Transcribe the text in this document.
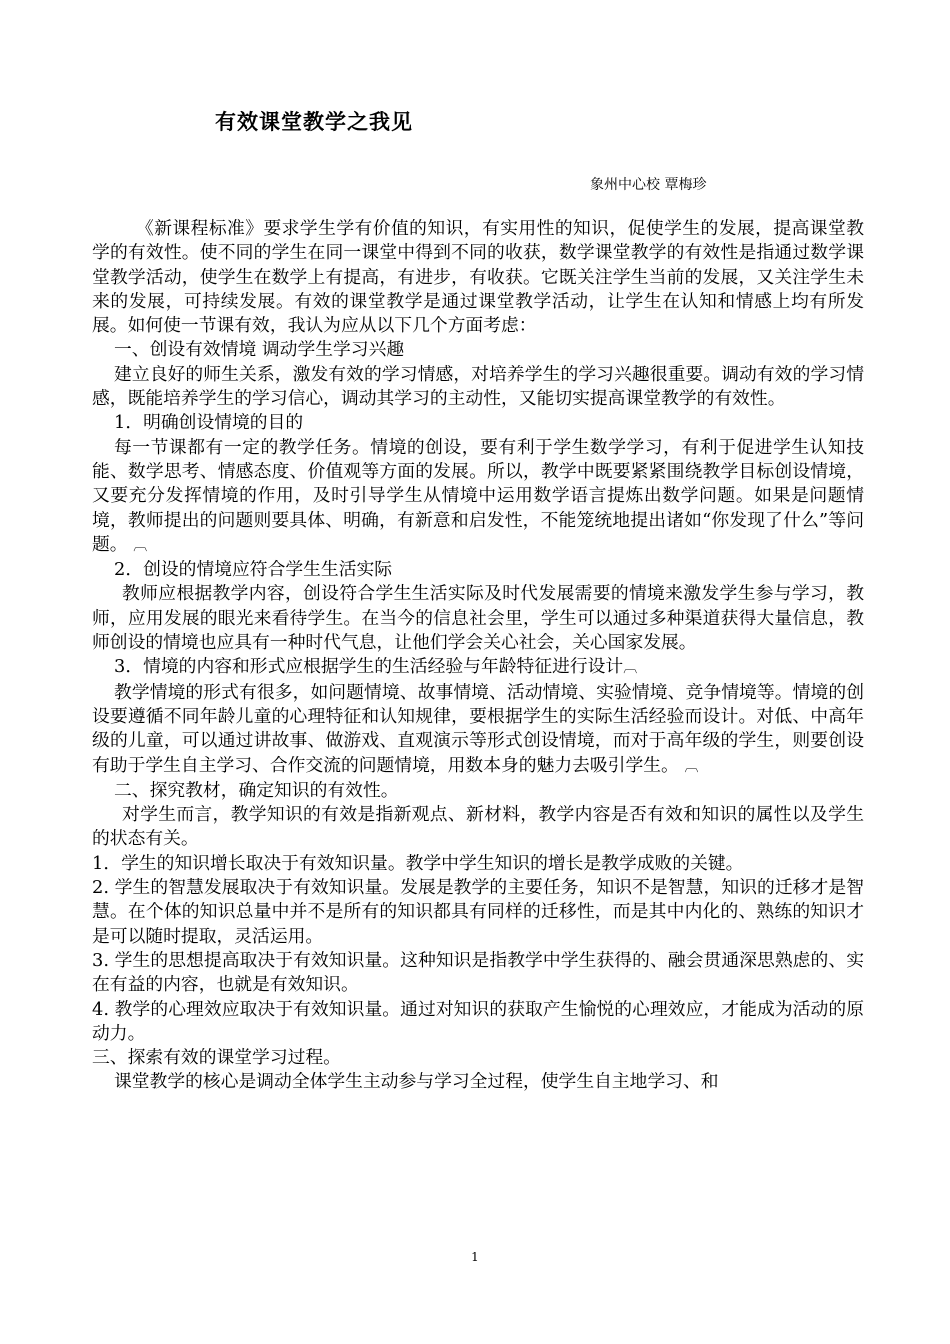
有效课堂教学之我见
象州中心校 覃梅珍

《新课程标准》要求学生学有价值的知识，有实用性的知识，促使学生的发展，提高课堂教学的有效性。使不同的学生在同一课堂中得到不同的收获，数学课堂教学的有效性是指通过数学课堂教学活动，使学生在数学上有提高，有进步，有收获。它既关注学生当前的发展，又关注学生未来的发展，可持续发展。有效的课堂教学是通过课堂教学活动，让学生在认知和情感上均有所发展。如何使一节课有效，我认为应从以下几个方面考虑：

一、创设有效情境 调动学生学习兴趣

建立良好的师生关系，激发有效的学习情感，对培养学生的学习兴趣很重要。调动有效的学习情感，既能培养学生的学习信心，调动其学习的主动性，又能切实提高课堂教学的有效性。

1．明确创设情境的目的

每一节课都有一定的教学任务。情境的创设，要有利于学生数学学习，有利于促进学生认知技能、数学思考、情感态度、价值观等方面的发展。所以，教学中既要紧紧围绕教学目标创设情境，又要充分发挥情境的作用，及时引导学生从情境中运用数学语言提炼出数学问题。如果是问题情境，教师提出的问题则要具体、明确，有新意和启发性，不能笼统地提出诸如“你发现了什么”等问题。 ︹

2．创设的情境应符合学生生活实际

教师应根据教学内容，创设符合学生生活实际及时代发展需要的情境来激发学生参与学习，教师，应用发展的眼光来看待学生。在当今的信息社会里，学生可以通过多种渠道获得大量信息，教师创设的情境也应具有一种时代气息，让他们学会关心社会，关心国家发展。

3．情境的内容和形式应根据学生的生活经验与年龄特征进行设计︹

教学情境的形式有很多，如问题情境、故事情境、活动情境、实验情境、竞争情境等。情境的创设要遵循不同年龄儿童的心理特征和认知规律，要根据学生的实际生活经验而设计。对低、中高年级的儿童，可以通过讲故事、做游戏、直观演示等形式创设情境，而对于高年级的学生，则要创设有助于学生自主学习、合作交流的问题情境，用数本身的魅力去吸引学生。 ︹

二、探究教材，确定知识的有效性。

对学生而言，教学知识的有效是指新观点、新材料，教学内容是否有效和知识的属性以及学生的状态有关。

1．学生的知识增长取决于有效知识量。教学中学生知识的增长是教学成败的关键。

2. 学生的智慧发展取决于有效知识量。发展是教学的主要任务，知识不是智慧，知识的迁移才是智慧。在个体的知识总量中并不是所有的知识都具有同样的迁移性，而是其中内化的、熟练的知识才是可以随时提取，灵活运用。

3. 学生的思想提高取决于有效知识量。这种知识是指教学中学生获得的、融会贯通深思熟虑的、实在有益的内容，也就是有效知识。

4. 教学的心理效应取决于有效知识量。通过对知识的获取产生愉悦的心理效应，才能成为活动的原动力。

三、探索有效的课堂学习过程。

课堂教学的核心是调动全体学生主动参与学习全过程，使学生自主地学习、和

1
